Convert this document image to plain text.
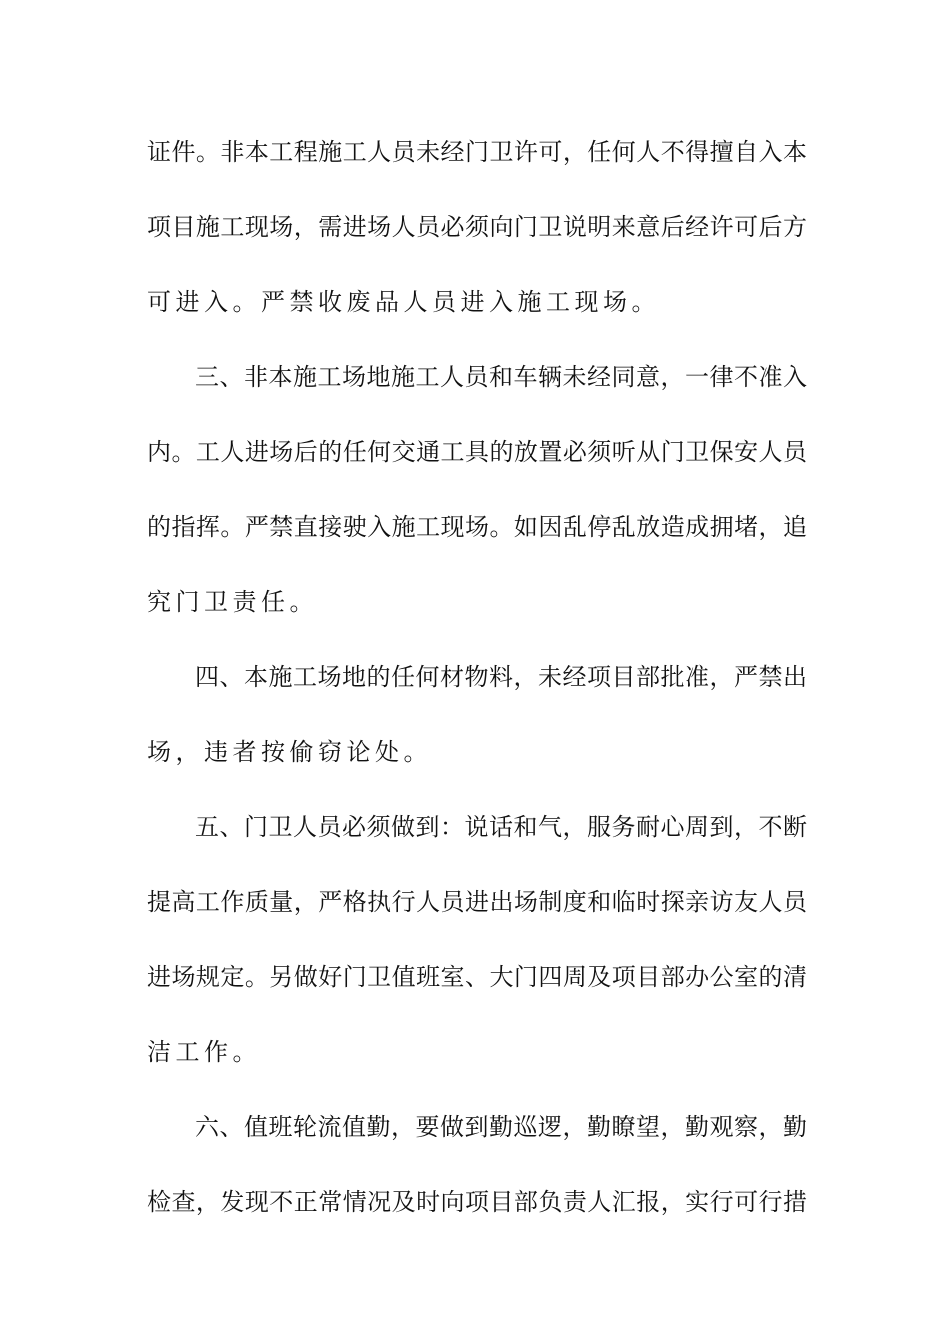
证件。非本工程施工人员未经门卫许可，任何人不得擅自入本
项目施工现场，需进场人员必须向门卫说明来意后经许可后方
可进入。严禁收废品人员进入施工现场。
三、非本施工场地施工人员和车辆未经同意，一律不准入
内。工人进场后的任何交通工具的放置必须听从门卫保安人员
的指挥。严禁直接驶入施工现场。如因乱停乱放造成拥堵，追
究门卫责任。
四、本施工场地的任何材物料，未经项目部批准，严禁出
场，违者按偷窃论处。
五、门卫人员必须做到：说话和气，服务耐心周到，不断
提高工作质量，严格执行人员进出场制度和临时探亲访友人员
进场规定。另做好门卫值班室、大门四周及项目部办公室的清
洁工作。
六、值班轮流值勤，要做到勤巡逻，勤瞭望，勤观察，勤
检查，发现不正常情况及时向项目部负责人汇报，实行可行措
